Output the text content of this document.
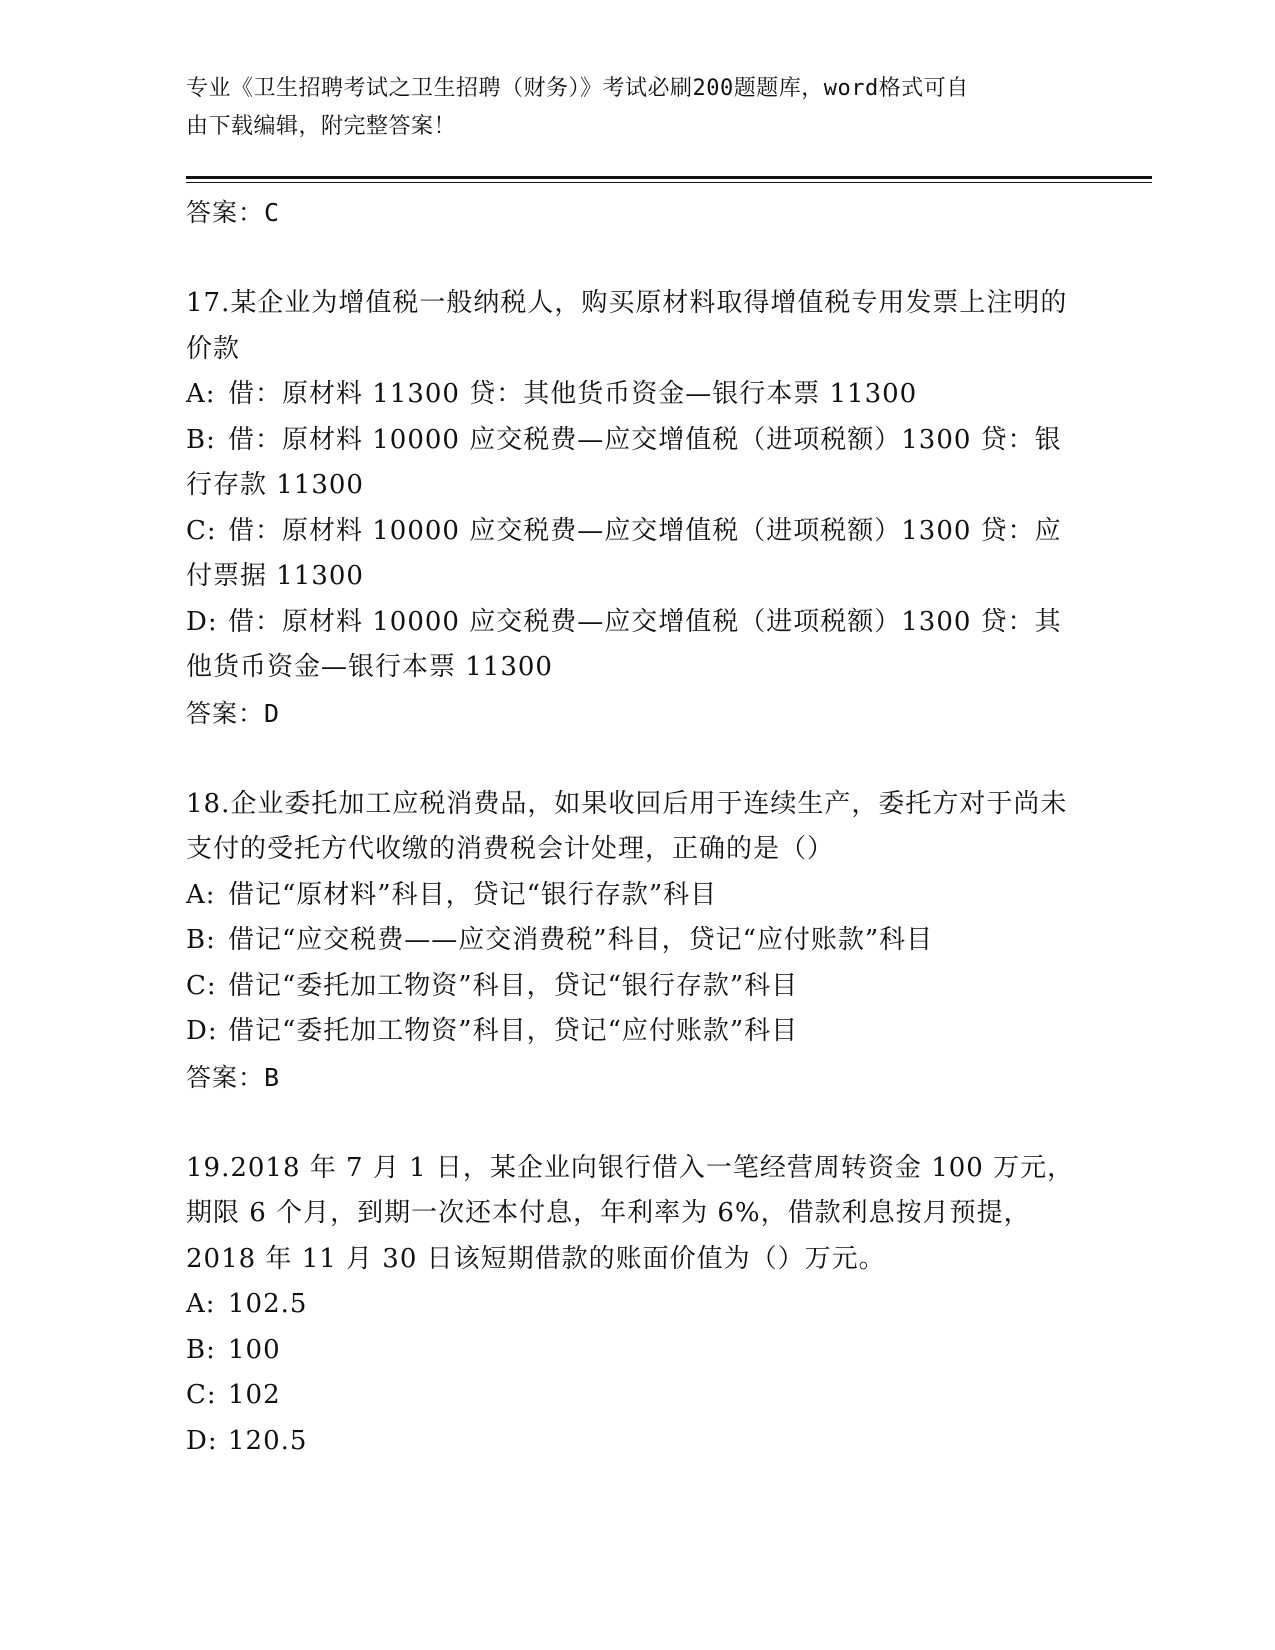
专业《卫生招聘考试之卫生招聘（财务）》考试必刷200题题库，word格式可自
由下载编辑，附完整答案！
答案：C
17.某企业为增值税一般纳税人，购买原材料取得增值税专用发票上注明的价款
A: 借：原材料 11300 贷：其他货币资金—银行本票 11300
B: 借：原材料 10000 应交税费—应交增值税（进项税额）1300 贷：银行存款 11300
C: 借：原材料 10000 应交税费—应交增值税（进项税额）1300 贷：应付票据 11300
D: 借：原材料 10000 应交税费—应交增值税（进项税额）1300 贷：其他货币资金—银行本票 11300
答案：D
18.企业委托加工应税消费品，如果收回后用于连续生产，委托方对于尚未支付的受托方代收缴的消费税会计处理，正确的是（）
A: 借记“原材料”科目，贷记“银行存款”科目
B: 借记“应交税费——应交消费税”科目，贷记“应付账款”科目
C: 借记“委托加工物资”科目，贷记“银行存款”科目
D: 借记“委托加工物资”科目，贷记“应付账款”科目
答案：B
19.2018 年 7 月 1 日，某企业向银行借入一笔经营周转资金 100 万元，期限 6 个月，到期一次还本付息，年利率为 6%，借款利息按月预提，2018 年 11 月 30 日该短期借款的账面价值为（）万元。
A: 102.5
B: 100
C: 102
D: 120.5
